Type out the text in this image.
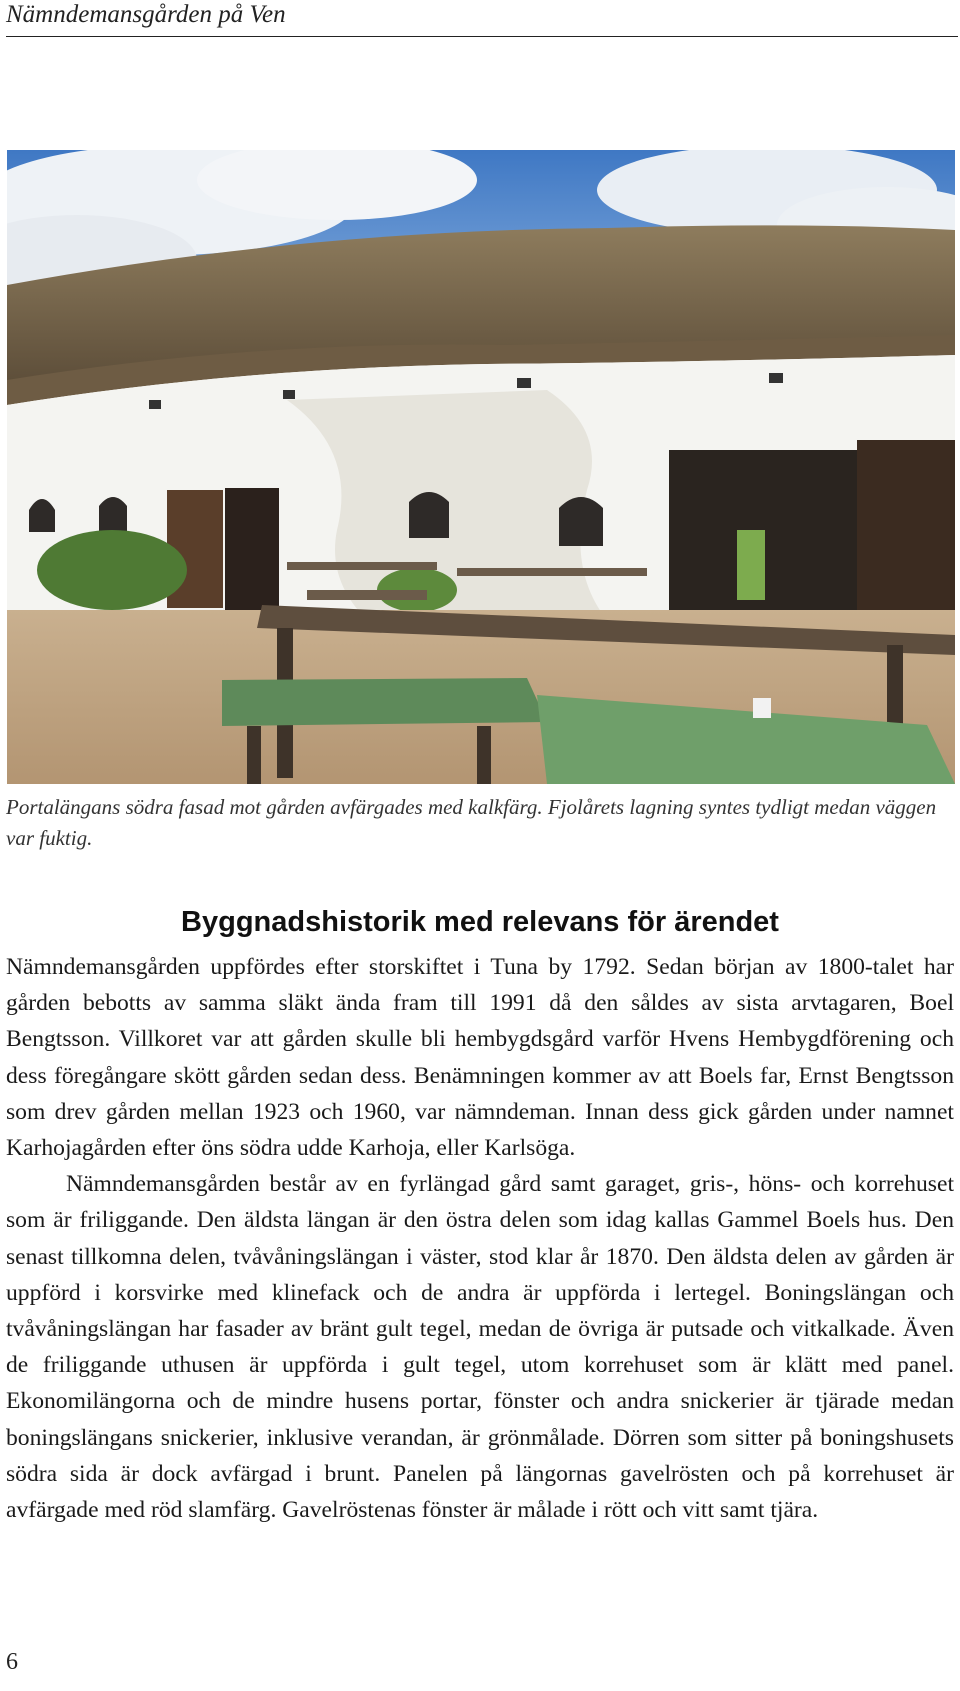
Nämndemansgården på Ven
Portalängans södra fasad mot gården avfärgades med kalkfärg. Fjolårets lagning syntes tydligt medan väggen var fuktig.
Byggnadshistorik med relevans för ärendet

Nämndemansgården uppfördes efter storskiftet i Tuna by 1792. Sedan början av 1800-talet har gården bebotts av samma släkt ända fram till 1991 då den såldes av sista arvtagaren, Boel Bengtsson. Villkoret var att gården skulle bli hembygdsgård varför Hvens Hembygdförening och dess föregångare skött gården sedan dess. Benämningen kommer av att Boels far, Ernst Bengtsson som drev gården mellan 1923 och 1960, var nämndeman. Innan dess gick gården under namnet Karhojagården efter öns södra udde Karhoja, eller Karlsöga.

Nämndemansgården består av en fyrlängad gård samt garaget, gris-, höns- och korrehuset som är friliggande. Den äldsta längan är den östra delen som idag kallas Gammel Boels hus. Den senast tillkomna delen, tvåvåningslängan i väster, stod klar år 1870. Den äldsta delen av gården är uppförd i korsvirke med klinefack och de andra är uppförda i lertegel. Boningslängan och tvåvåningslängan har fasader av bränt gult tegel, medan de övriga är putsade och vitkalkade. Även de friliggande uthusen är uppförda i gult tegel, utom korrehuset som är klätt med panel. Ekonomilängorna och de mindre husens portar, fönster och andra snickerier är tjärade medan boningslängans snickerier, inklusive verandan, är grönmålade. Dörren som sitter på boningshusets södra sida är dock avfärgad i brunt. Panelen på längornas gavelrösten och på korrehuset är avfärgade med röd slamfärg. Gavelröstenas fönster är målade i rött och vitt samt tjära.

6
